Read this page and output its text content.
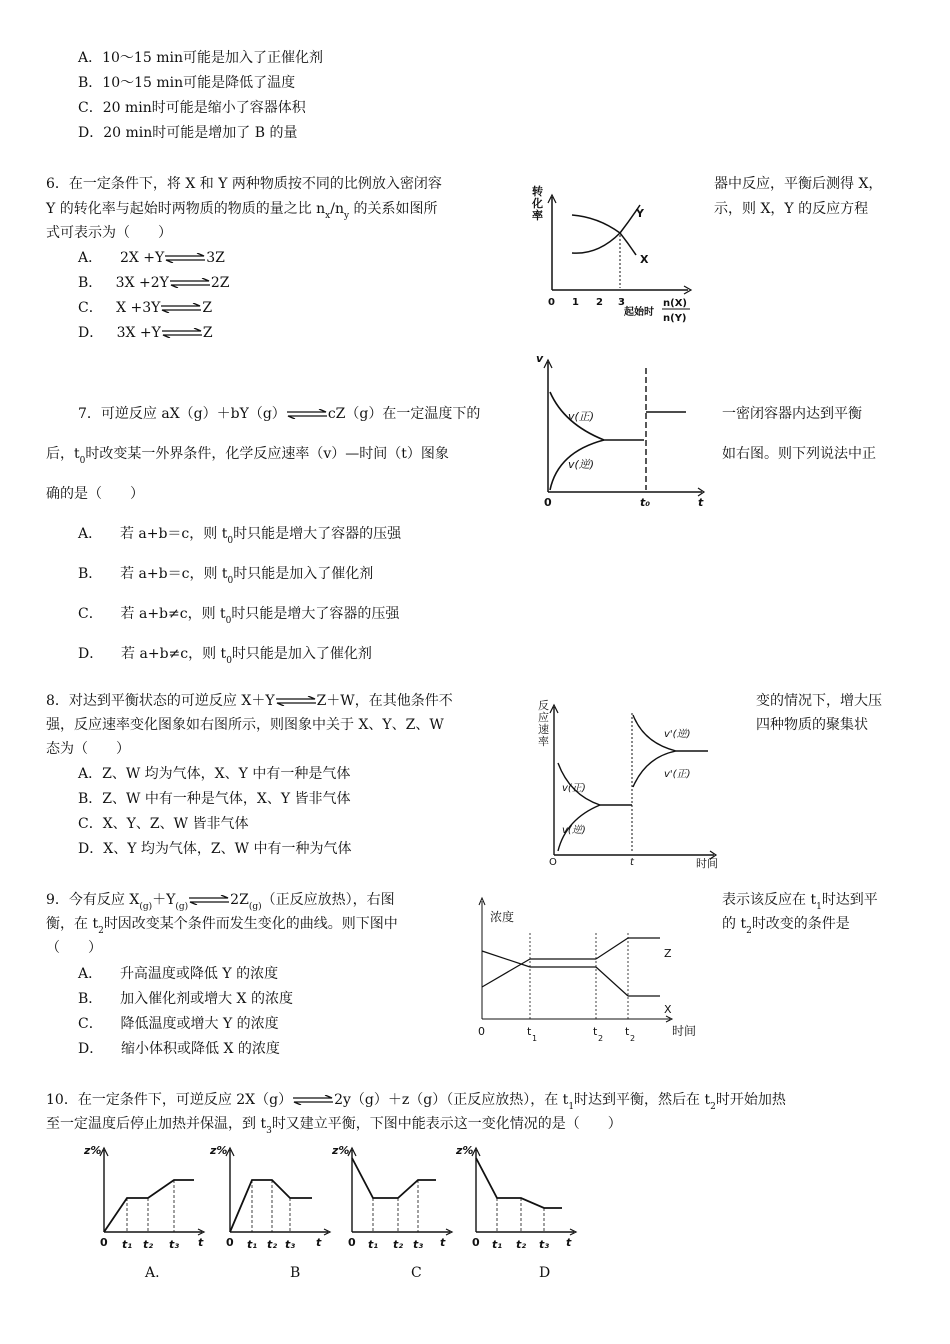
A．10～15 min可能是加入了正催化剂
B．10～15 min可能是降低了温度
C．20 min时可能是缩小了容器体积
D．20 min时可能是增加了 B 的量
6．在一定条件下，将 X 和 Y 两种物质按不同的比例放入密闭容	器中反应，平衡后测得 X，
Y 的转化率与起始时两物质的物质的量之比 $n_x/n_y$ 的关系如图所	示，则 X，Y 的反应方程
式可表示为（　　）
A． 2X +Y⇌3Z
B． 3X +2Y⇌2Z
C． X +3Y⇌Z
D． 3X +Y⇌Z
转
化
率	Y
X
0 1 2 3
起始时
n(X)
n(Y)
7．可逆反应 aX（g）＋bY（g）⇌cZ（g）在一定温度下的	一密闭容器内达到平衡
后，$t_0$时改变某一外界条件，化学反应速率（v）—时间（t）图象	如右图。则下列说法中正
确的是（　　）
A． 若 a+b＝c，则 $t_0$时只能是增大了容器的压强
B． 若 a+b＝c，则 $t_0$时只能是加入了催化剂
C． 若 a+b≠c，则 $t_0$时只能是增大了容器的压强
D． 若 a+b≠c，则 $t_0$时只能是加入了催化剂
v
v(正)
v(逆)
0	t₀	t
8．对达到平衡状态的可逆反应 X＋Y⇌Z＋W，在其他条件不	变的情况下，增大压
强，反应速率变化图象如右图所示，则图象中关于 X、Y、Z、W	四种物质的聚集状
态为（　　）
A．Z、W 均为气体，X、Y 中有一种是气体
B．Z、W 中有一种是气体，X、Y 皆非气体
C．X、Y、Z、W 皆非气体
D．X、Y 均为气体，Z、W 中有一种为气体
反
应
速
率
v(正)
v(逆)
v'(逆)
v'(正)
O	t	时间
9．今有反应 $X_{(g)}+Y_{(g)}$ $\rightleftharpoons 2Z_{(g)}$（正反应放热），右图	表示该反应在 $t_1$时达到平
衡，在 $t_2$时因改变某个条件而发生变化的曲线。则下图中	的 $t_2$时改变的条件是
（　　）
A． 升高温度或降低 Y 的浓度
B． 加入催化剂或增大 X 的浓度
C． 降低温度或增大 Y 的浓度
D． 缩小体积或降低 X 的浓度
浓度
Z
X
0	t
1
t
2
t
2
时间
10．在一定条件下，可逆反应 2X（g）⇌2y（g）＋z（g）（正反应放热），在 $t_1$时达到平衡，然后在 $t_2$时开始加热
至一定温度后停止加热并保温，到 $t_3$时又建立平衡，下图中能表示这一变化情况的是（　　）
z%
0 t₁ t₂ t₃ t
A.
z%
0 t₁ t₂ t₃ t
B
z%
0 t₁ t₂ t₃ t
C
z%
0 t₁ t₂ t₃ t
D
